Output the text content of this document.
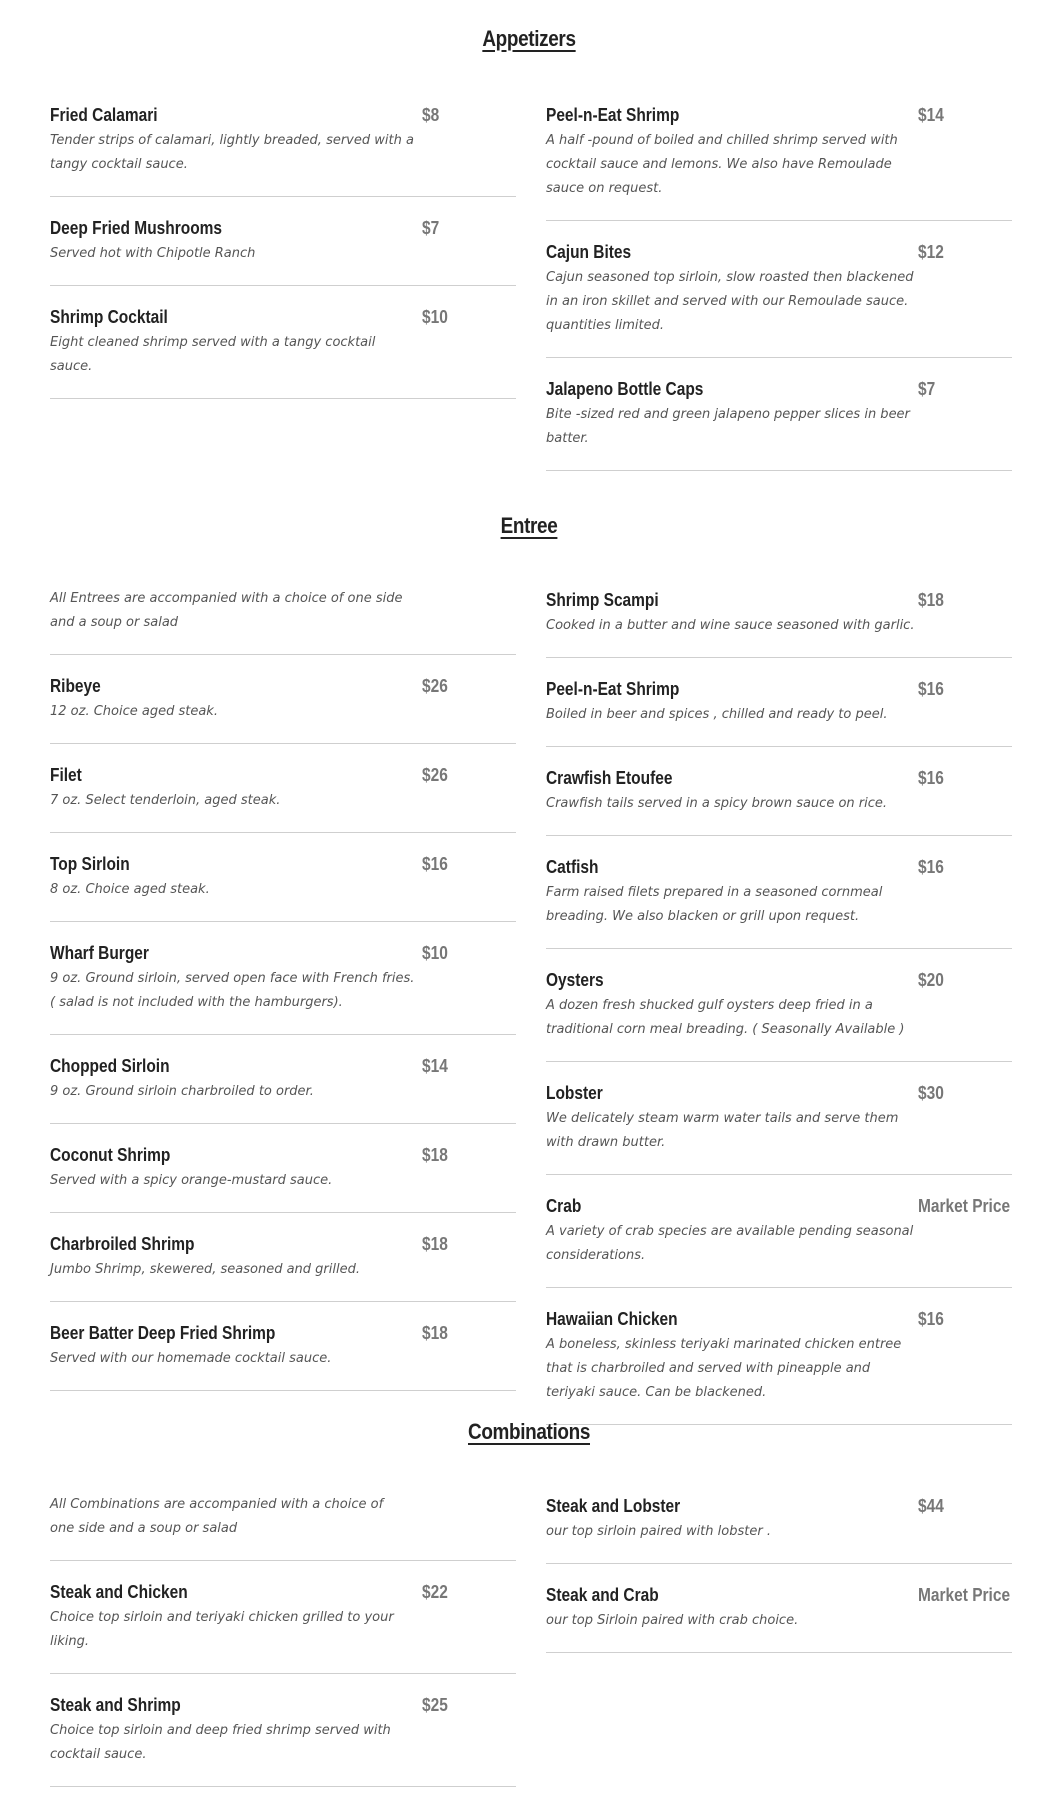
Appetizers
Fried Calamari	$8
Tender strips of calamari, lightly breaded, served with a tangy cocktail sauce.
Deep Fried Mushrooms	$7
Served hot with Chipotle Ranch
Shrimp Cocktail	$10
Eight cleaned shrimp served with a tangy cocktail sauce.
Peel-n-Eat Shrimp	$14
A half -pound of boiled and chilled shrimp served with cocktail sauce and lemons. We also have Remoulade sauce on request.
Cajun Bites	$12
Cajun seasoned top sirloin, slow roasted then blackened in an iron skillet and served with our Remoulade sauce. quantities limited.
Jalapeno Bottle Caps	$7
Bite -sized red and green jalapeno pepper slices in beer batter.
Entree
All Entrees are accompanied with a choice of one side and a soup or salad
Ribeye	$26
12 oz. Choice aged steak.
Filet	$26
7 oz. Select tenderloin, aged steak.
Top Sirloin	$16
8 oz. Choice aged steak.
Wharf Burger	$10
9 oz. Ground sirloin, served open face with French fries. ( salad is not included with the hamburgers).
Chopped Sirloin	$14
9 oz. Ground sirloin charbroiled to order.
Coconut Shrimp	$18
Served with a spicy orange-mustard sauce.
Charbroiled Shrimp	$18
Jumbo Shrimp, skewered, seasoned and grilled.
Beer Batter Deep Fried Shrimp	$18
Served with our homemade cocktail sauce.
Shrimp Scampi	$18
Cooked in a butter and wine sauce seasoned with garlic.
Peel-n-Eat Shrimp	$16
Boiled in beer and spices , chilled and ready to peel.
Crawfish Etoufee	$16
Crawfish tails served in a spicy brown sauce on rice.
Catfish	$16
Farm raised filets prepared in a seasoned cornmeal breading. We also blacken or grill upon request.
Oysters	$20
A dozen fresh shucked gulf oysters deep fried in a traditional corn meal breading. ( Seasonally Available )
Lobster	$30
We delicately steam warm water tails and serve them with drawn butter.
Crab	Market Price
A variety of crab species are available pending seasonal considerations.
Hawaiian Chicken	$16
A boneless, skinless teriyaki marinated chicken entree that is charbroiled and served with pineapple and teriyaki sauce. Can be blackened.
Combinations
All Combinations are accompanied with a choice of one side and a soup or salad
Steak and Chicken	$22
Choice top sirloin and teriyaki chicken grilled to your liking.
Steak and Shrimp	$25
Choice top sirloin and deep fried shrimp served with cocktail sauce.
Steak and Lobster	$44
our top sirloin paired with lobster .
Steak and Crab	Market Price
our top Sirloin paired with crab choice.
